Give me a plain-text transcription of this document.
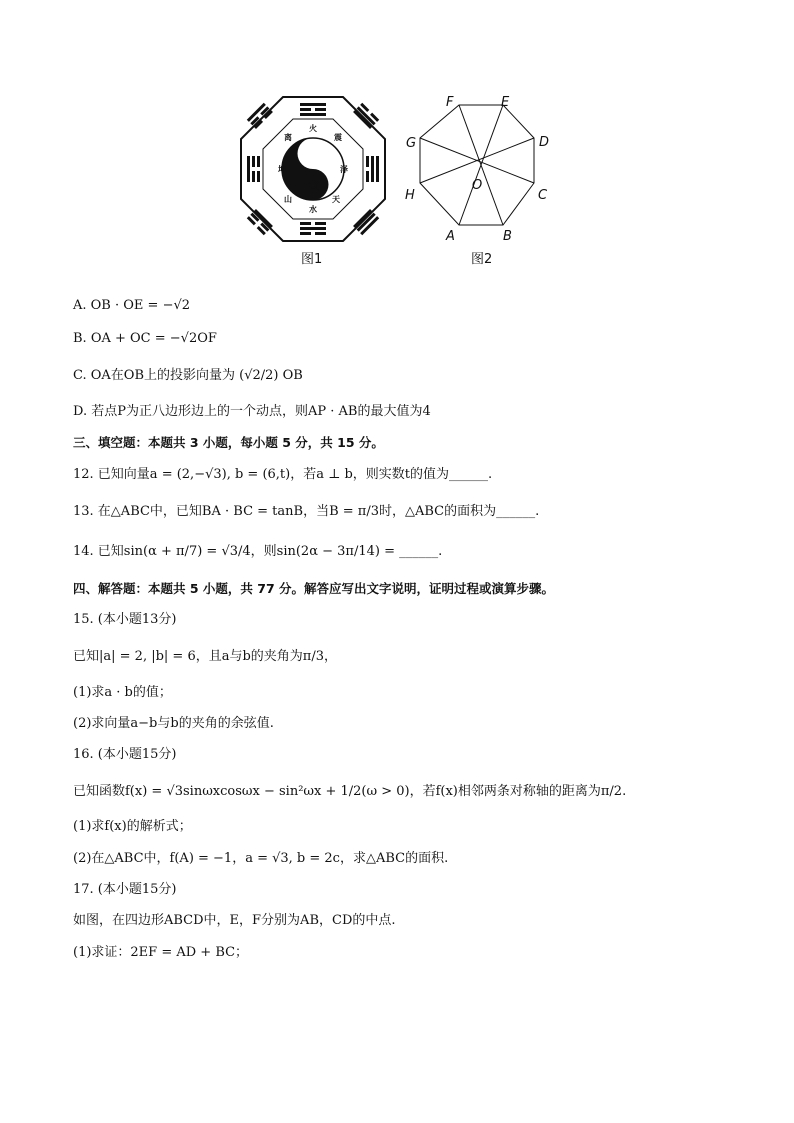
火
泽
天
水
山
坤
离	震
图1
F	E
D
C
B
A
H
G
O
图2
A. OB · OE = −√2
B. OA + OC = −√2OF
C. OA在OB上的投影向量为 (√2/2) OB
D. 若点P为正八边形边上的一个动点，则AP · AB的最大值为4
三、填空题：本题共 3 小题，每小题 5 分，共 15 分。
12. 已知向量a = (2,−√3), b = (6,t)，若a ⊥ b，则实数t的值为______.
13. 在△ABC中，已知BA · BC = tanB，当B = π/3时，△ABC的面积为______.
14. 已知sin(α + π/7) = √3/4，则sin(2α − 3π/14) = ______.
四、解答题：本题共 5 小题，共 77 分。解答应写出文字说明，证明过程或演算步骤。
15. (本小题13分)
已知|a| = 2, |b| = 6，且a与b的夹角为π/3，
(1)求a · b的值；
(2)求向量a−b与b的夹角的余弦值.
16. (本小题15分)
已知函数f(x) = √3sinωxcosωx − sin²ωx + 1/2(ω > 0)，若f(x)相邻两条对称轴的距离为π/2.
(1)求f(x)的解析式；
(2)在△ABC中，f(A) = −1，a = √3, b = 2c，求△ABC的面积.
17. (本小题15分)
如图，在四边形ABCD中，E，F分别为AB，CD的中点.
(1)求证：2EF = AD + BC；
